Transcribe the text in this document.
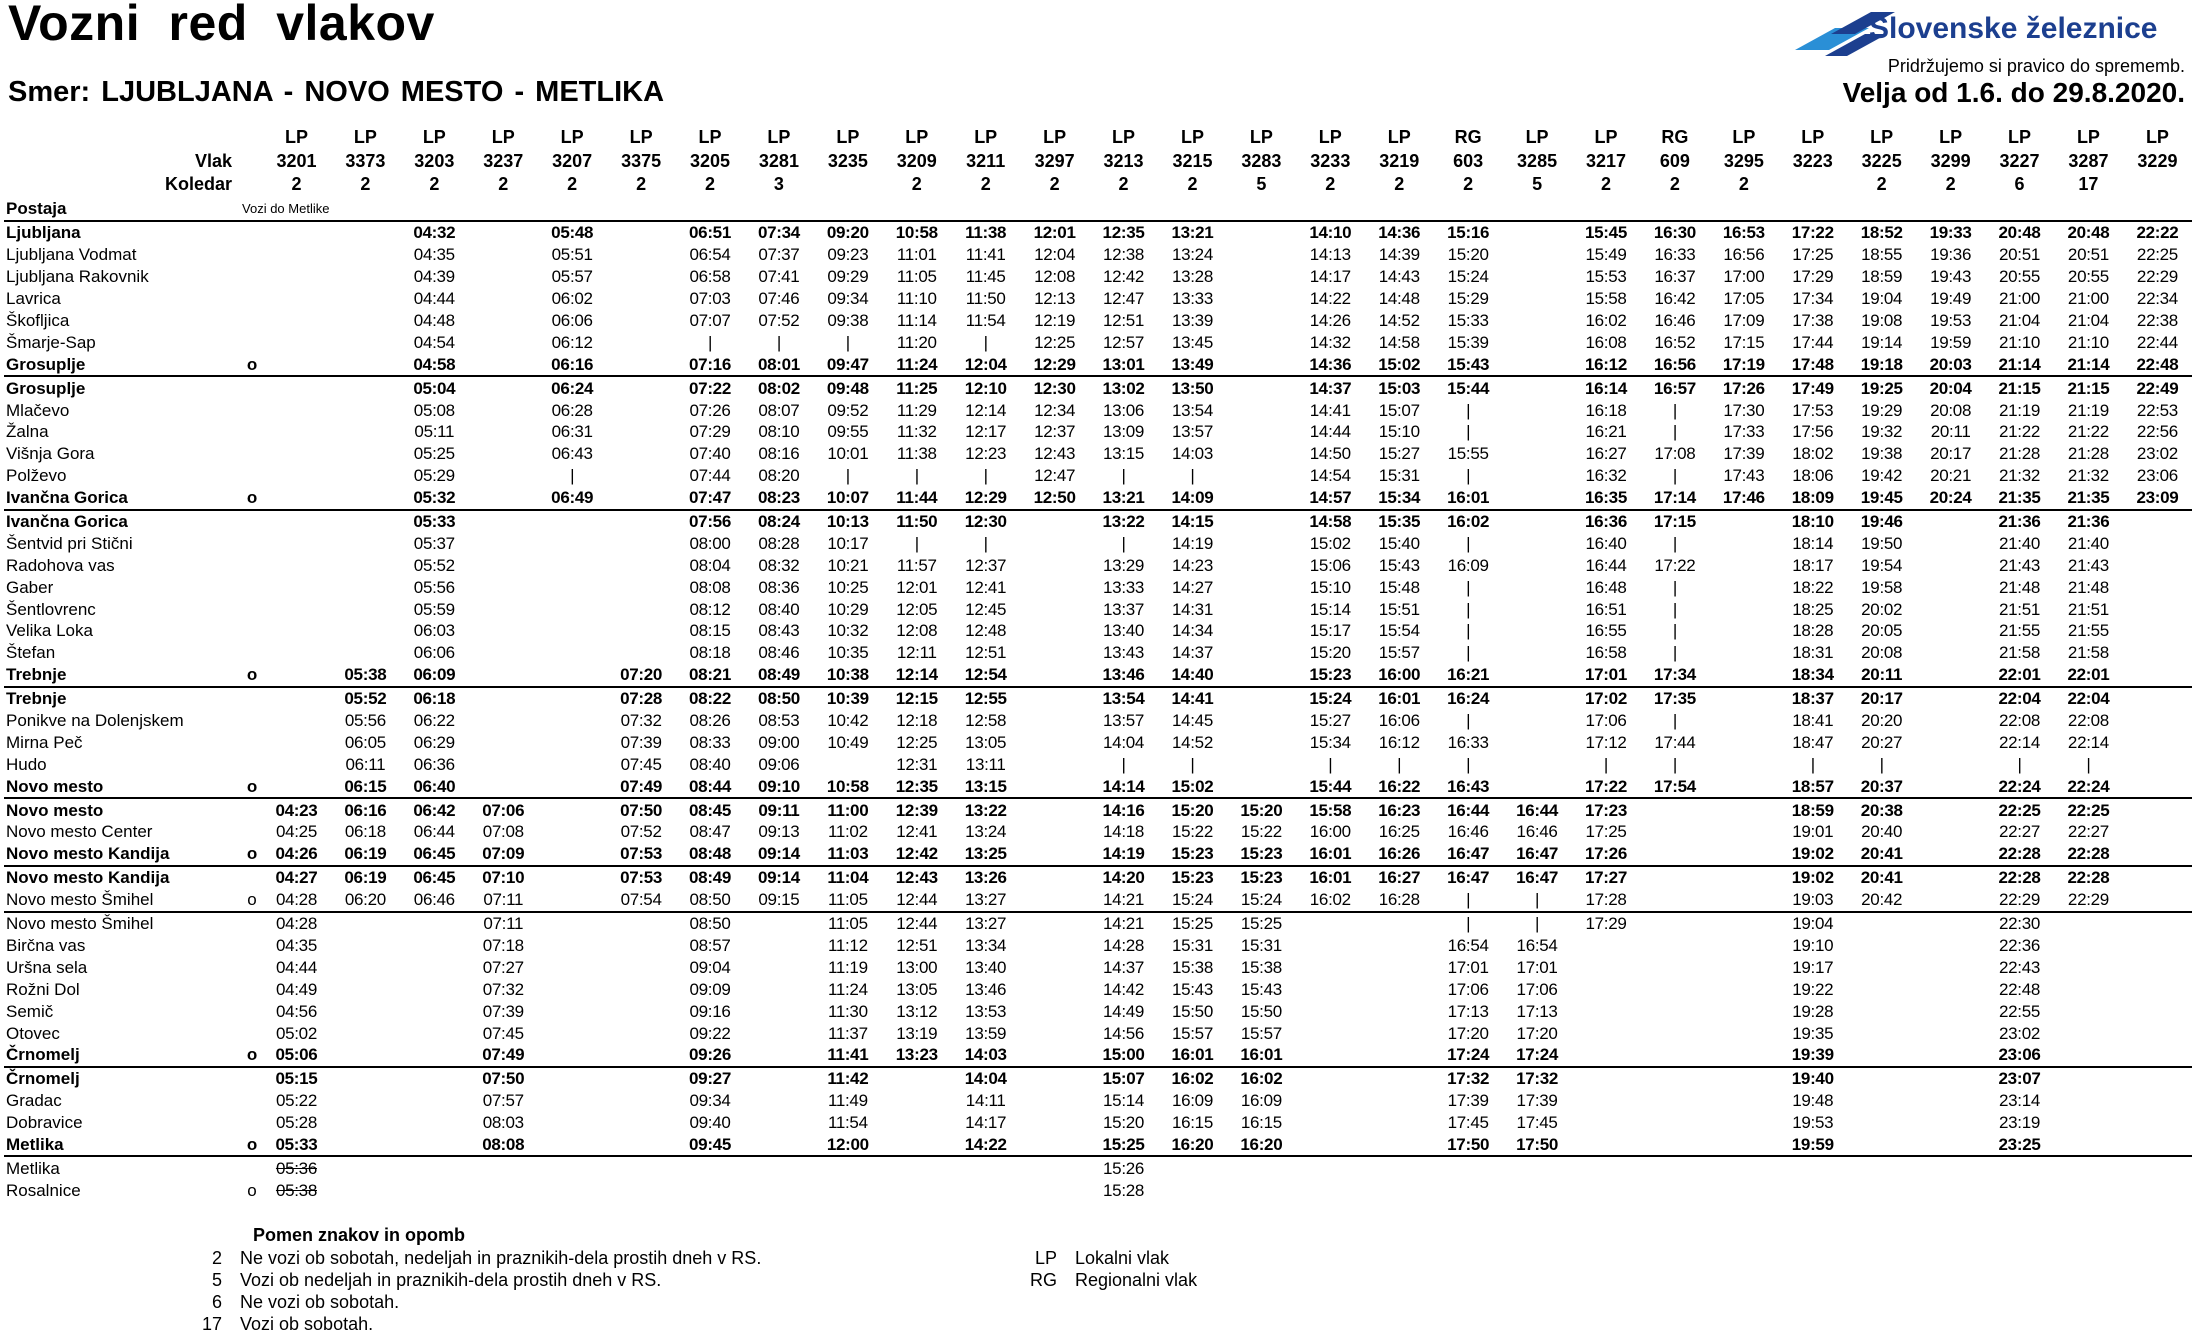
Vozni red vlakov
Smer: LJUBLJANA - NOVO MESTO - METLIKA
Slovenske železnice
Pridržujemo si pravico do sprememb.
Velja od 1.6. do 29.8.2020.
		LP	LP	LP	LP	LP	LP	LP	LP	LP	LP	LP	LP	LP	LP	LP	LP	LP	RG	LP	LP	RG	LP	LP	LP	LP	LP	LP	LP
Vlak		3201	3373	3203	3237	3207	3375	3205	3281	3235	3209	3211	3297	3213	3215	3283	3233	3219	603	3285	3217	609	3295	3223	3225	3299	3227	3287	3229
Koledar		2	2	2	2	2	2	2	3		2	2	2	2	2	5	2	2	2	5	2	2	2		2	2	6	17	
Postaja	Vozi do Metlike																												
Ljubljana				04:32		05:48		06:51	07:34	09:20	10:58	11:38	12:01	12:35	13:21		14:10	14:36	15:16		15:45	16:30	16:53	17:22	18:52	19:33	20:48	20:48	22:22
Ljubljana Vodmat				04:35		05:51		06:54	07:37	09:23	11:01	11:41	12:04	12:38	13:24		14:13	14:39	15:20		15:49	16:33	16:56	17:25	18:55	19:36	20:51	20:51	22:25
Ljubljana Rakovnik				04:39		05:57		06:58	07:41	09:29	11:05	11:45	12:08	12:42	13:28		14:17	14:43	15:24		15:53	16:37	17:00	17:29	18:59	19:43	20:55	20:55	22:29
Lavrica				04:44		06:02		07:03	07:46	09:34	11:10	11:50	12:13	12:47	13:33		14:22	14:48	15:29		15:58	16:42	17:05	17:34	19:04	19:49	21:00	21:00	22:34
Škofljica				04:48		06:06		07:07	07:52	09:38	11:14	11:54	12:19	12:51	13:39		14:26	14:52	15:33		16:02	16:46	17:09	17:38	19:08	19:53	21:04	21:04	22:38
Šmarje-Sap				04:54		06:12		|	|	|	11:20	|	12:25	12:57	13:45		14:32	14:58	15:39		16:08	16:52	17:15	17:44	19:14	19:59	21:10	21:10	22:44
Grosuplje	o			04:58		06:16		07:16	08:01	09:47	11:24	12:04	12:29	13:01	13:49		14:36	15:02	15:43		16:12	16:56	17:19	17:48	19:18	20:03	21:14	21:14	22:48
Grosuplje				05:04		06:24		07:22	08:02	09:48	11:25	12:10	12:30	13:02	13:50		14:37	15:03	15:44		16:14	16:57	17:26	17:49	19:25	20:04	21:15	21:15	22:49
Mlačevo				05:08		06:28		07:26	08:07	09:52	11:29	12:14	12:34	13:06	13:54		14:41	15:07	|		16:18	|	17:30	17:53	19:29	20:08	21:19	21:19	22:53
Žalna				05:11		06:31		07:29	08:10	09:55	11:32	12:17	12:37	13:09	13:57		14:44	15:10	|		16:21	|	17:33	17:56	19:32	20:11	21:22	21:22	22:56
Višnja Gora				05:25		06:43		07:40	08:16	10:01	11:38	12:23	12:43	13:15	14:03		14:50	15:27	15:55		16:27	17:08	17:39	18:02	19:38	20:17	21:28	21:28	23:02
Polževo				05:29		|		07:44	08:20	|	|	|	12:47	|	|		14:54	15:31	|		16:32	|	17:43	18:06	19:42	20:21	21:32	21:32	23:06
Ivančna Gorica	o			05:32		06:49		07:47	08:23	10:07	11:44	12:29	12:50	13:21	14:09		14:57	15:34	16:01		16:35	17:14	17:46	18:09	19:45	20:24	21:35	21:35	23:09
Ivančna Gorica				05:33				07:56	08:24	10:13	11:50	12:30		13:22	14:15		14:58	15:35	16:02		16:36	17:15		18:10	19:46		21:36	21:36	
Šentvid pri Stični				05:37				08:00	08:28	10:17	|	|		|	14:19		15:02	15:40	|		16:40	|		18:14	19:50		21:40	21:40	
Radohova vas				05:52				08:04	08:32	10:21	11:57	12:37		13:29	14:23		15:06	15:43	16:09		16:44	17:22		18:17	19:54		21:43	21:43	
Gaber				05:56				08:08	08:36	10:25	12:01	12:41		13:33	14:27		15:10	15:48	|		16:48	|		18:22	19:58		21:48	21:48	
Šentlovrenc				05:59				08:12	08:40	10:29	12:05	12:45		13:37	14:31		15:14	15:51	|		16:51	|		18:25	20:02		21:51	21:51	
Velika Loka				06:03				08:15	08:43	10:32	12:08	12:48		13:40	14:34		15:17	15:54	|		16:55	|		18:28	20:05		21:55	21:55	
Štefan				06:06				08:18	08:46	10:35	12:11	12:51		13:43	14:37		15:20	15:57	|		16:58	|		18:31	20:08		21:58	21:58	
Trebnje	o		05:38	06:09			07:20	08:21	08:49	10:38	12:14	12:54		13:46	14:40		15:23	16:00	16:21		17:01	17:34		18:34	20:11		22:01	22:01	
Trebnje			05:52	06:18			07:28	08:22	08:50	10:39	12:15	12:55		13:54	14:41		15:24	16:01	16:24		17:02	17:35		18:37	20:17		22:04	22:04	
Ponikve na Dolenjskem			05:56	06:22			07:32	08:26	08:53	10:42	12:18	12:58		13:57	14:45		15:27	16:06	|		17:06	|		18:41	20:20		22:08	22:08	
Mirna Peč			06:05	06:29			07:39	08:33	09:00	10:49	12:25	13:05		14:04	14:52		15:34	16:12	16:33		17:12	17:44		18:47	20:27		22:14	22:14	
Hudo			06:11	06:36			07:45	08:40	09:06		12:31	13:11		|	|		|	|	|		|	|		|	|		|	|	
Novo mesto	o		06:15	06:40			07:49	08:44	09:10	10:58	12:35	13:15		14:14	15:02		15:44	16:22	16:43		17:22	17:54		18:57	20:37		22:24	22:24	
Novo mesto		04:23	06:16	06:42	07:06		07:50	08:45	09:11	11:00	12:39	13:22		14:16	15:20	15:20	15:58	16:23	16:44	16:44	17:23			18:59	20:38		22:25	22:25	
Novo mesto Center		04:25	06:18	06:44	07:08		07:52	08:47	09:13	11:02	12:41	13:24		14:18	15:22	15:22	16:00	16:25	16:46	16:46	17:25			19:01	20:40		22:27	22:27	
Novo mesto Kandija	o	04:26	06:19	06:45	07:09		07:53	08:48	09:14	11:03	12:42	13:25		14:19	15:23	15:23	16:01	16:26	16:47	16:47	17:26			19:02	20:41		22:28	22:28	
Novo mesto Kandija		04:27	06:19	06:45	07:10		07:53	08:49	09:14	11:04	12:43	13:26		14:20	15:23	15:23	16:01	16:27	16:47	16:47	17:27			19:02	20:41		22:28	22:28	
Novo mesto Šmihel	o	04:28	06:20	06:46	07:11		07:54	08:50	09:15	11:05	12:44	13:27		14:21	15:24	15:24	16:02	16:28	|	|	17:28			19:03	20:42		22:29	22:29	
Novo mesto Šmihel		04:28			07:11			08:50		11:05	12:44	13:27		14:21	15:25	15:25			|	|	17:29			19:04			22:30		
Birčna vas		04:35			07:18			08:57		11:12	12:51	13:34		14:28	15:31	15:31			16:54	16:54				19:10			22:36		
Uršna sela		04:44			07:27			09:04		11:19	13:00	13:40		14:37	15:38	15:38			17:01	17:01				19:17			22:43		
Rožni Dol		04:49			07:32			09:09		11:24	13:05	13:46		14:42	15:43	15:43			17:06	17:06				19:22			22:48		
Semič		04:56			07:39			09:16		11:30	13:12	13:53		14:49	15:50	15:50			17:13	17:13				19:28			22:55		
Otovec		05:02			07:45			09:22		11:37	13:19	13:59		14:56	15:57	15:57			17:20	17:20				19:35			23:02		
Črnomelj	o	05:06			07:49			09:26		11:41	13:23	14:03		15:00	16:01	16:01			17:24	17:24				19:39			23:06		
Črnomelj		05:15			07:50			09:27		11:42		14:04		15:07	16:02	16:02			17:32	17:32				19:40			23:07		
Gradac		05:22			07:57			09:34		11:49		14:11		15:14	16:09	16:09			17:39	17:39				19:48			23:14		
Dobravice		05:28			08:03			09:40		11:54		14:17		15:20	16:15	16:15			17:45	17:45				19:53			23:19		
Metlika	o	05:33			08:08			09:45		12:00		14:22		15:25	16:20	16:20			17:50	17:50				19:59			23:25		
Metlika		05:36												15:26															
Rosalnice	o	05:38												15:28															
Pomen znakov in opomb
2 Ne vozi ob sobotah, nedeljah in praznikih-dela prostih dneh v RS.
5 Vozi ob nedeljah in praznikih-dela prostih dneh v RS.
6 Ne vozi ob sobotah.
17 Vozi ob sobotah.
LP Lokalni vlak
RG Regionalni vlak
